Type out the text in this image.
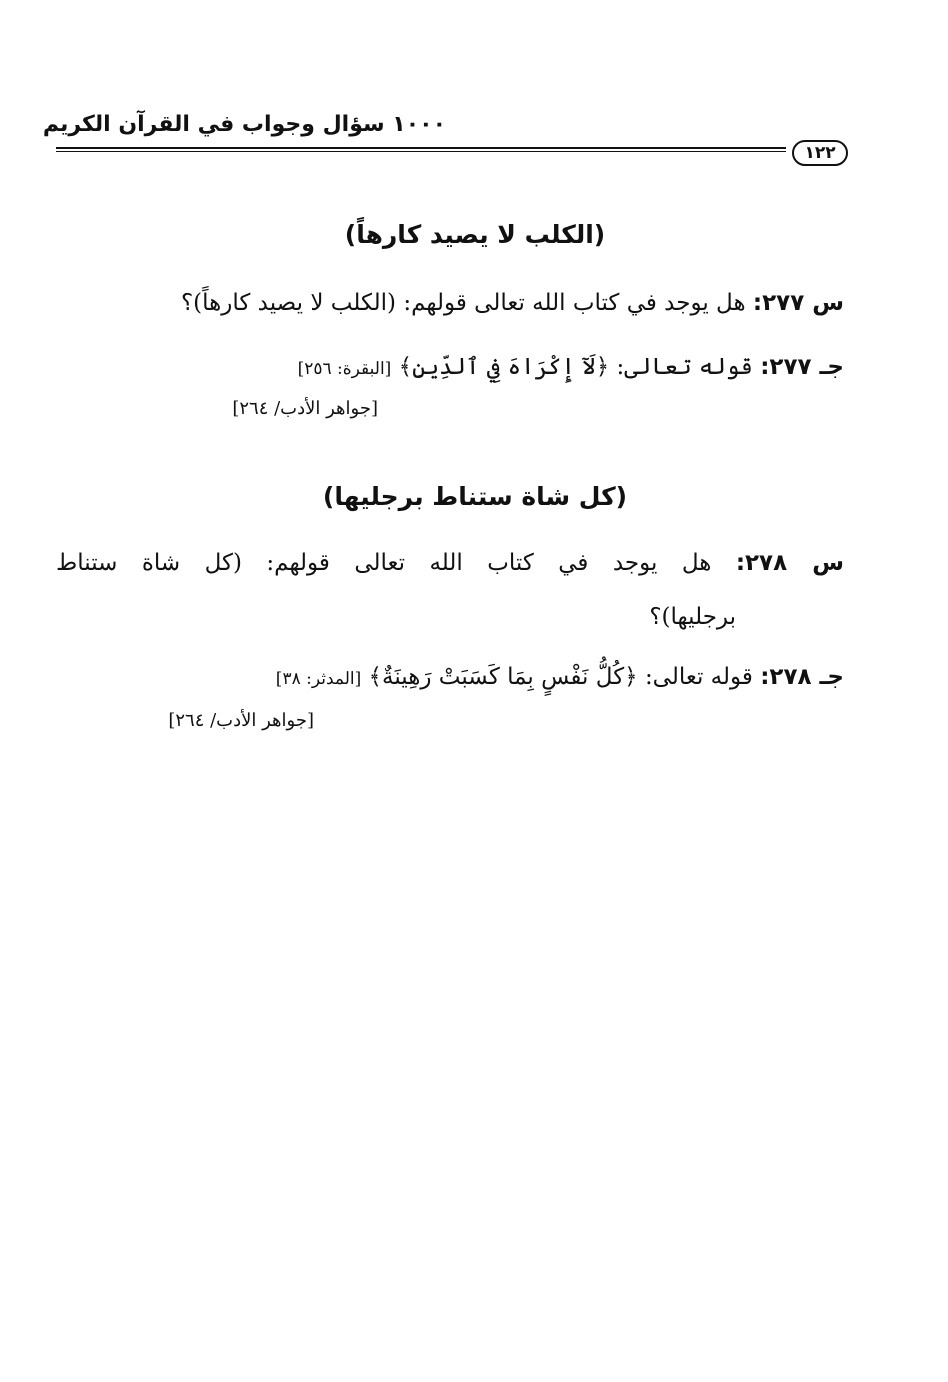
١٠٠٠ سؤال وجواب في القرآن الكريم
١٢٢
(الكلب لا يصيد كارهاً)
س ٢٧٧: هل يوجد في كتاب الله تعالى قولهم: (الكلب لا يصيد كارهاً)؟
جـ ٢٧٧: قوله تعالى: ﴿لَآ إِكْرَاهَ فِي ٱلدِّينِ﴾ [البقرة: ٢٥٦]
[جواهر الأدب/ ٢٦٤]
(كل شاة ستناط برجليها)
س ٢٧٨: هل يوجد في كتاب الله تعالى قولهم: (كل شاة ستناط
برجليها)؟
جـ ٢٧٨: قوله تعالى: ﴿كُلُّ نَفْسٍ بِمَا كَسَبَتْ رَهِينَةٌ﴾ [المدثر: ٣٨]
[جواهر الأدب/ ٢٦٤]
